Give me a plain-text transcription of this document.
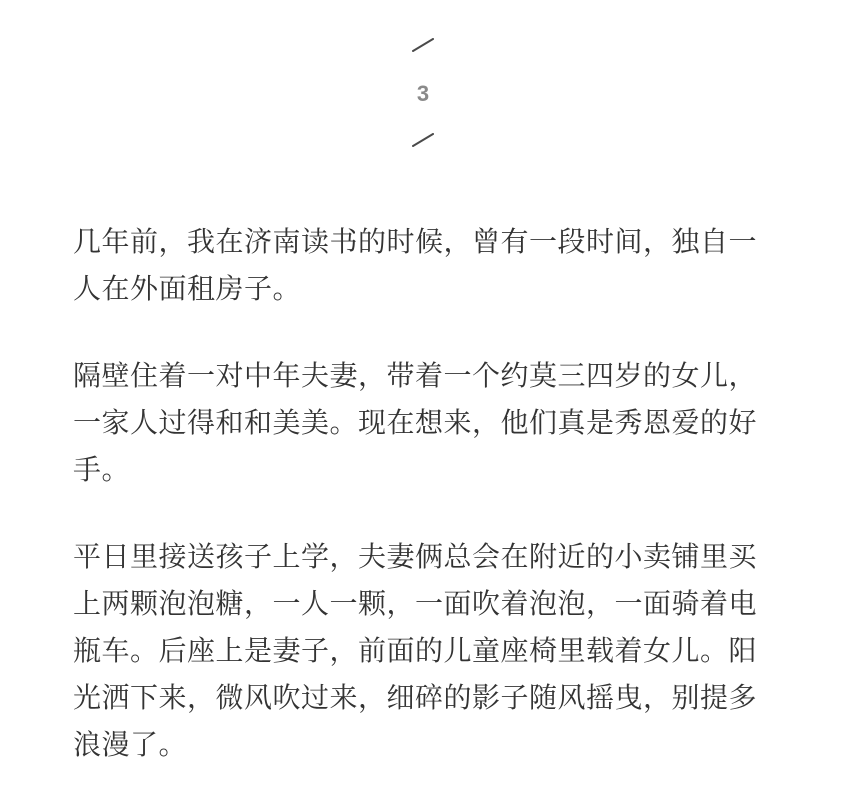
3

几年前，我在济南读书的时候，曾有一段时间，独自一
人在外面租房子。

隔壁住着一对中年夫妻，带着一个约莫三四岁的女儿，
一家人过得和和美美。现在想来，他们真是秀恩爱的好
手。

平日里接送孩子上学，夫妻俩总会在附近的小卖铺里买
上两颗泡泡糖，一人一颗，一面吹着泡泡，一面骑着电
瓶车。后座上是妻子，前面的儿童座椅里载着女儿。阳
光洒下来，微风吹过来，细碎的影子随风摇曳，别提多
浪漫了。
